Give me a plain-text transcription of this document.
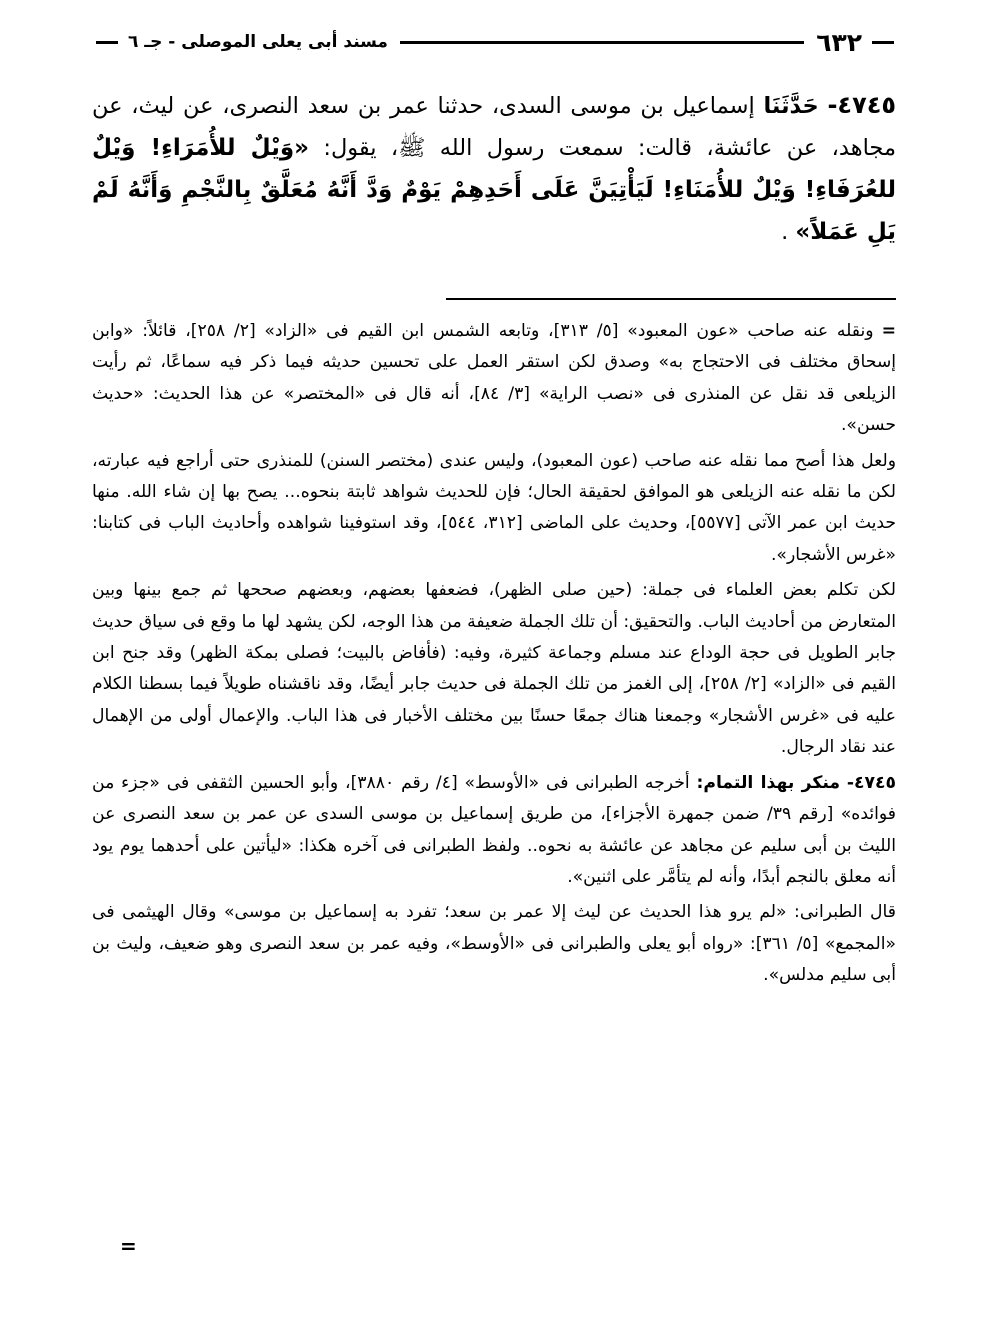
٦٣٢
مسند أبى يعلى الموصلى - جـ ٦
٤٧٤٥- حَدَّثَنَا إسماعيل بن موسى السدى، حدثنا عمر بن سعد النصرى، عن ليث، عن مجاهد، عن عائشة، قالت: سمعت رسول الله ﷺ، يقول: «وَيْلٌ للأُمَرَاءِ! وَيْلٌ للعُرَفَاءِ! وَيْلٌ للأُمَنَاءِ! لَيَأْتِيَنَّ عَلَى أَحَدِهِمْ يَوْمٌ وَدَّ أَنَّهُ مُعَلَّقٌ بِالنَّجْمِ وَأَنَّهُ لَمْ يَلِ عَمَلاً» .

=ونقله عنه صاحب «عون المعبود» [٥/ ٣١٣]، وتابعه الشمس ابن القيم فى «الزاد» [٢/ ٢٥٨]، قائلاً: «وابن إسحاق مختلف فى الاحتجاج به» وصدق لكن استقر العمل على تحسين حديثه فيما ذكر فيه سماعًا، ثم رأيت الزيلعى قد نقل عن المنذرى فى «نصب الراية» [٣/ ٨٤]، أنه قال فى «المختصر» عن هذا الحديث: «حديث حسن».

ولعل هذا أصح مما نقله عنه صاحب (عون المعبود)، وليس عندى (مختصر السنن) للمنذرى حتى أراجع فيه عبارته، لكن ما نقله عنه الزيلعى هو الموافق لحقيقة الحال؛ فإن للحديث شواهد ثابتة بنحوه... يصح بها إن شاء الله. منها حديث ابن عمر الآتى [٥٥٧٧]، وحديث على الماضى [٣١٢، ٥٤٤]، وقد استوفينا شواهده وأحاديث الباب فى كتابنا: «غرس الأشجار».

لكن تكلم بعض العلماء فى جملة: (حين صلى الظهر)، فضعفها بعضهم، وبعضهم صححها ثم جمع بينها وبين المتعارض من أحاديث الباب. والتحقيق: أن تلك الجملة ضعيفة من هذا الوجه، لكن يشهد لها ما وقع فى سياق حديث جابر الطويل فى حجة الوداع عند مسلم وجماعة كثيرة، وفيه: (فأفاض بالبيت؛ فصلى بمكة الظهر) وقد جنح ابن القيم فى «الزاد» [٢/ ٢٥٨]، إلى الغمز من تلك الجملة فى حديث جابر أيضًا، وقد ناقشناه طويلاً فيما بسطنا الكلام عليه فى «غرس الأشجار» وجمعنا هناك جمعًا حسنًا بين مختلف الأخبار فى هذا الباب. والإعمال أولى من الإهمال عند نقاد الرجال.

٤٧٤٥- منكر بهذا التمام: أخرجه الطبرانى فى «الأوسط» [٤/ رقم ٣٨٨٠]، وأبو الحسين الثقفى فى «جزء من فوائده» [رقم ٣٩/ ضمن جمهرة الأجزاء]، من طريق إسماعيل بن موسى السدى عن عمر بن سعد النصرى عن الليث بن أبى سليم عن مجاهد عن عائشة به نحوه.. ولفظ الطبرانى فى آخره هكذا: «ليأتين على أحدهما يوم يود أنه معلق بالنجم أبدًا، وأنه لم يتأمَّر على اثنين».

قال الطبرانى: «لم يرو هذا الحديث عن ليث إلا عمر بن سعد؛ تفرد به إسماعيل بن موسى» وقال الهيثمى فى «المجمع» [٥/ ٣٦١]: «رواه أبو يعلى والطبرانى فى «الأوسط»، وفيه عمر بن سعد النصرى وهو ضعيف، وليث بن أبى سليم مدلس».

=
